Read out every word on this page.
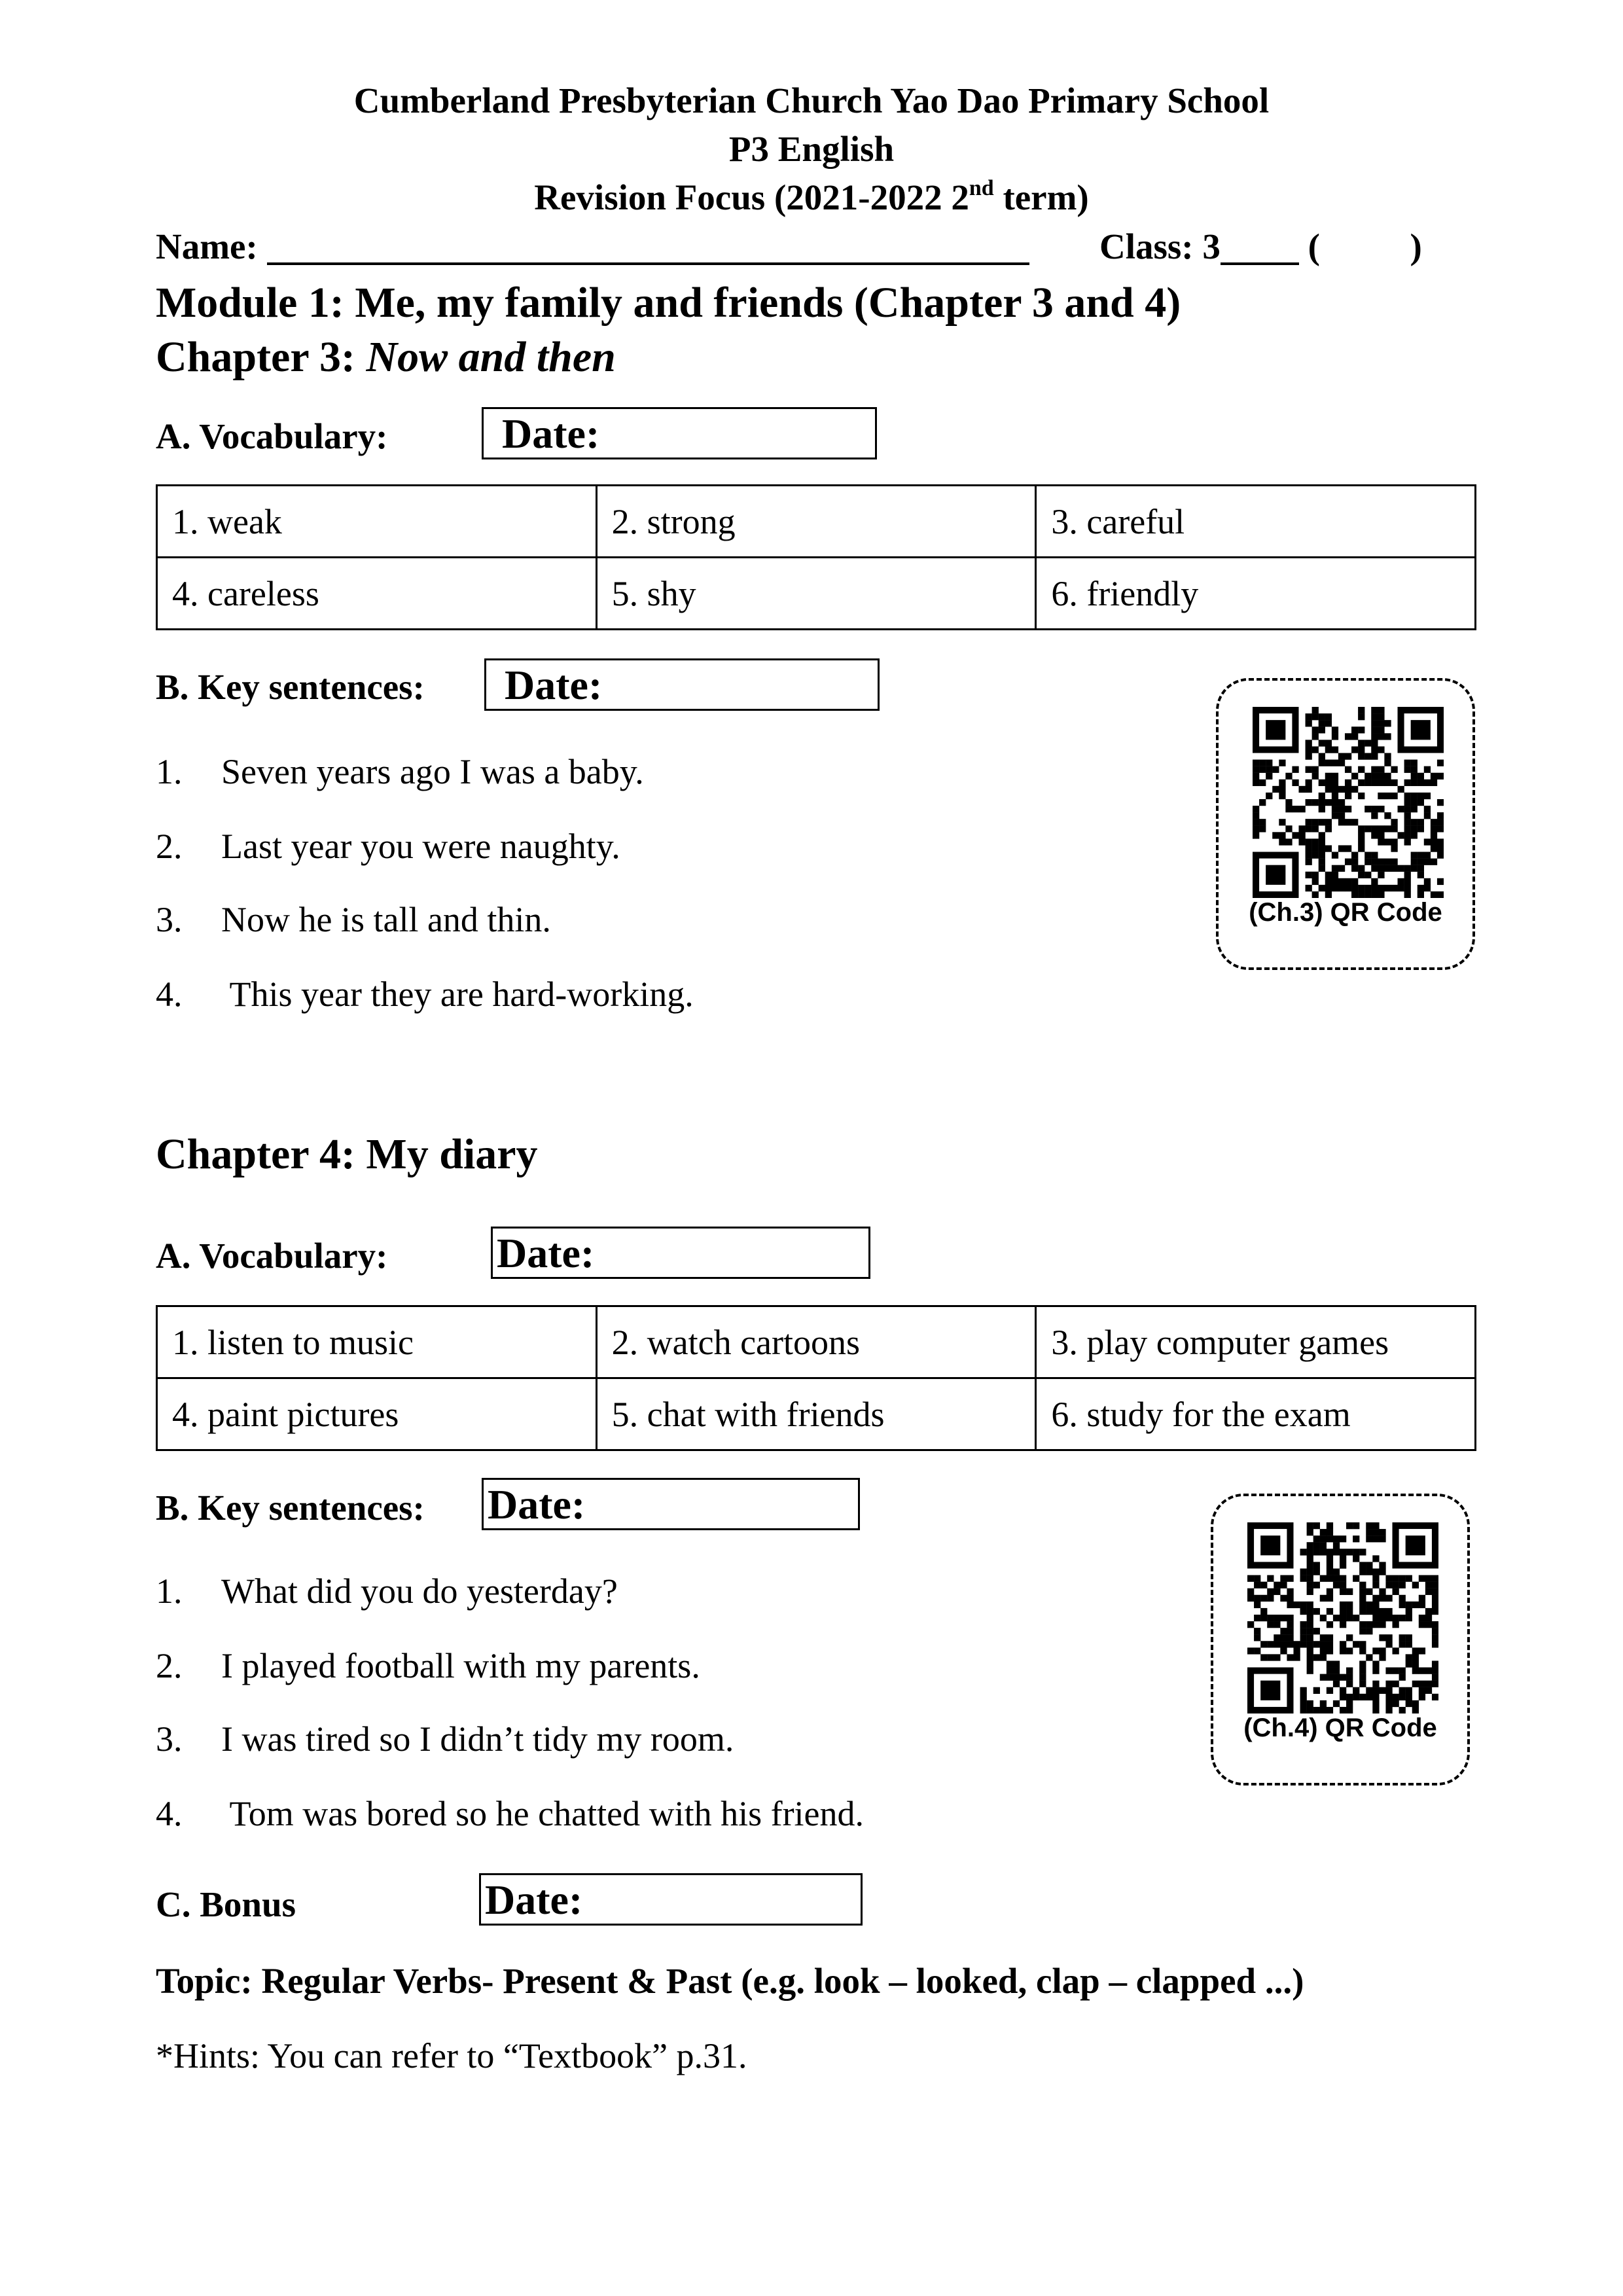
Cumberland Presbyterian Church Yao Dao Primary School
P3 English
Revision Focus (2021-2022 2nd term)
Name:	Class: 3 (	)
Module 1: Me, my family and friends (Chapter 3 and 4)
Chapter 3: Now and then
A. Vocabulary:	Date:
1. weak	2. strong	3. careful
4. careless	5. shy	6. friendly
B. Key sentences:	Date:
1. Seven years ago I was a baby.
2. Last year you were naughty.
3. Now he is tall and thin.
4. This year they are hard-working.
(Ch.3) QR Code
Chapter 4: My diary
A. Vocabulary:	Date:
1. listen to music	2. watch cartoons	3. play computer games
4. paint pictures	5. chat with friends	6. study for the exam
B. Key sentences: Date:
1. What did you do yesterday?
2. I played football with my parents.
3. I was tired so I didn’t tidy my room.
4. Tom was bored so he chatted with his friend.
(Ch.4) QR Code
C. Bonus	Date:
Topic: Regular Verbs- Present & Past (e.g. look – looked, clap – clapped ...)
*Hints: You can refer to “Textbook” p.31.
